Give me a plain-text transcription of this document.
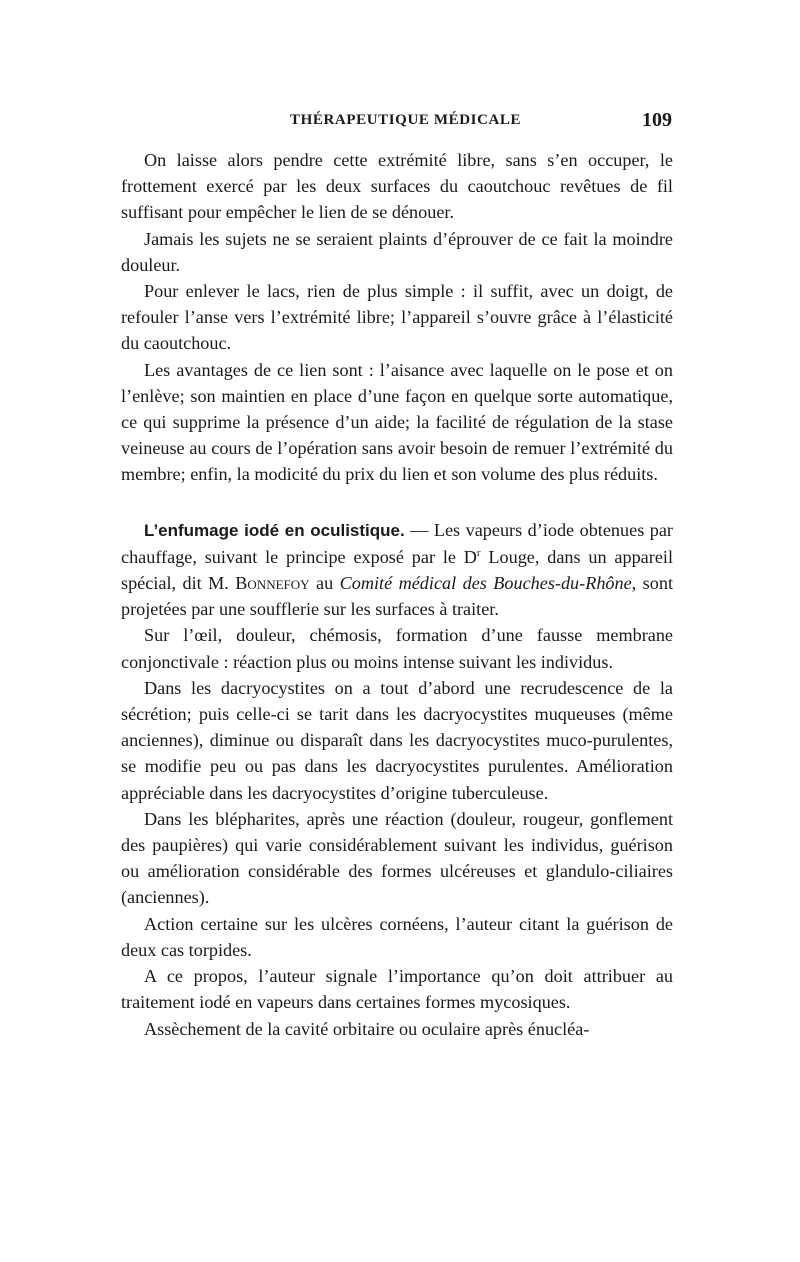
THÉRAPEUTIQUE MÉDICALE	109

On laisse alors pendre cette extrémité libre, sans s’en occuper, le frottement exercé par les deux surfaces du caoutchouc revêtues de fil suffisant pour empêcher le lien de se dénouer.

Jamais les sujets ne se seraient plaints d’éprouver de ce fait la moindre douleur.

Pour enlever le lacs, rien de plus simple : il suffit, avec un doigt, de refouler l’anse vers l’extrémité libre; l’appareil s’ouvre grâce à l’élasticité du caoutchouc.

Les avantages de ce lien sont : l’aisance avec laquelle on le pose et on l’enlève; son maintien en place d’une façon en quelque sorte automatique, ce qui supprime la présence d’un aide; la facilité de régulation de la stase veineuse au cours de l’opération sans avoir besoin de remuer l’extrémité du membre; enfin, la modicité du prix du lien et son volume des plus réduits.

L’enfumage iodé en oculistique. — Les vapeurs d’iode obtenues par chauffage, suivant le principe exposé par le $D^r$ Louge, dans un appareil spécial, dit M. Bonnefoy au Comité médical des Bouches-du-Rhône, sont projetées par une soufflerie sur les surfaces à traiter.

Sur l’œil, douleur, chémosis, formation d’une fausse membrane conjonctivale : réaction plus ou moins intense suivant les individus.

Dans les dacryocystites on a tout d’abord une recrudescence de la sécrétion; puis celle-ci se tarit dans les dacryocystites muqueuses (même anciennes), diminue ou disparaît dans les dacryocystites muco-purulentes, se modifie peu ou pas dans les dacryocystites purulentes. Amélioration appréciable dans les dacryocystites d’origine tuberculeuse.

Dans les blépharites, après une réaction (douleur, rougeur, gonflement des paupières) qui varie considérablement suivant les individus, guérison ou amélioration considérable des formes ulcéreuses et glandulo-ciliaires (anciennes).

Action certaine sur les ulcères cornéens, l’auteur citant la guérison de deux cas torpides.

A ce propos, l’auteur signale l’importance qu’on doit attribuer au traitement iodé en vapeurs dans certaines formes mycosiques.

Assèchement de la cavité orbitaire ou oculaire après énucléa-
